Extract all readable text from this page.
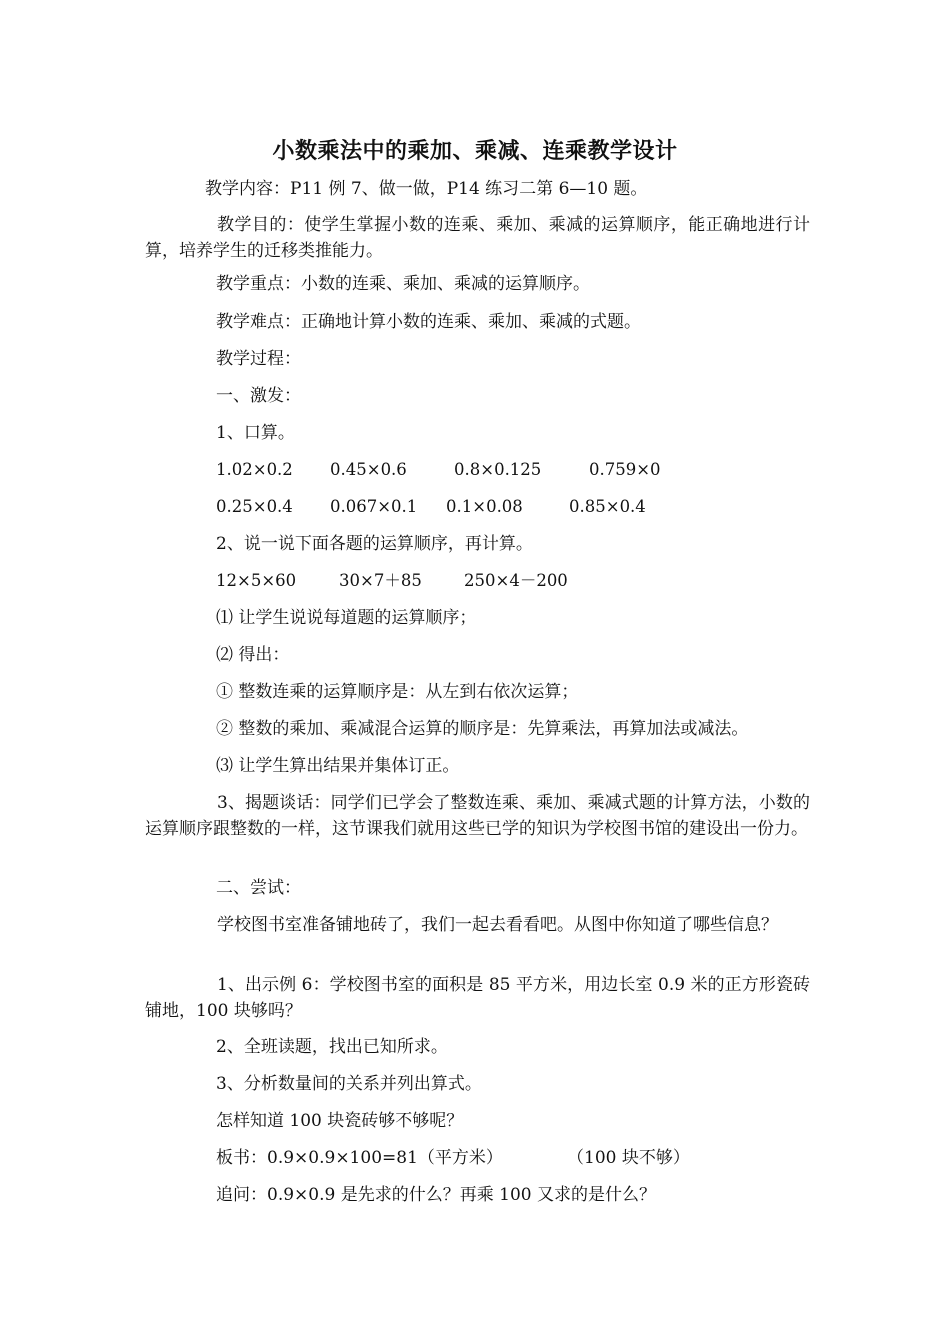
小数乘法中的乘加、乘减、连乘教学设计
教学内容：P11 例 7、做一做，P14 练习二第 6—10 题。
教学目的：使学生掌握小数的连乘、乘加、乘减的运算顺序，能正确地进行计算，培养学生的迁移类推能力。
教学重点：小数的连乘、乘加、乘减的运算顺序。
教学难点：正确地计算小数的连乘、乘加、乘减的式题。
教学过程：
一、激发：
1、口算。
1.02×0.2 0.45×0.6	0.8×0.125	0.759×0
0.25×0.4 0.067×0.1 0.1×0.08	0.85×0.4
2、说一说下面各题的运算顺序，再计算。
12×5×60	30×7＋85	250×4－200
⑴ 让学生说说每道题的运算顺序；
⑵ 得出：
① 整数连乘的运算顺序是：从左到右依次运算；
② 整数的乘加、乘减混合运算的顺序是：先算乘法，再算加法或减法。
⑶ 让学生算出结果并集体订正。
3、揭题谈话：同学们已学会了整数连乘、乘加、乘减式题的计算方法，小数的运算顺序跟整数的一样，这节课我们就用这些已学的知识为学校图书馆的建设出一份力。
二、尝试：
学校图书室准备铺地砖了，我们一起去看看吧。从图中你知道了哪些信息？
1、出示例 6：学校图书室的面积是 85 平方米，用边长室 0.9 米的正方形瓷砖铺地，100 块够吗？
2、全班读题，找出已知所求。
3、分析数量间的关系并列出算式。
怎样知道 100 块瓷砖够不够呢？
板书：0.9×0.9×100=81（平方米）	（100 块不够）
追问：0.9×0.9 是先求的什么？再乘 100 又求的是什么？
